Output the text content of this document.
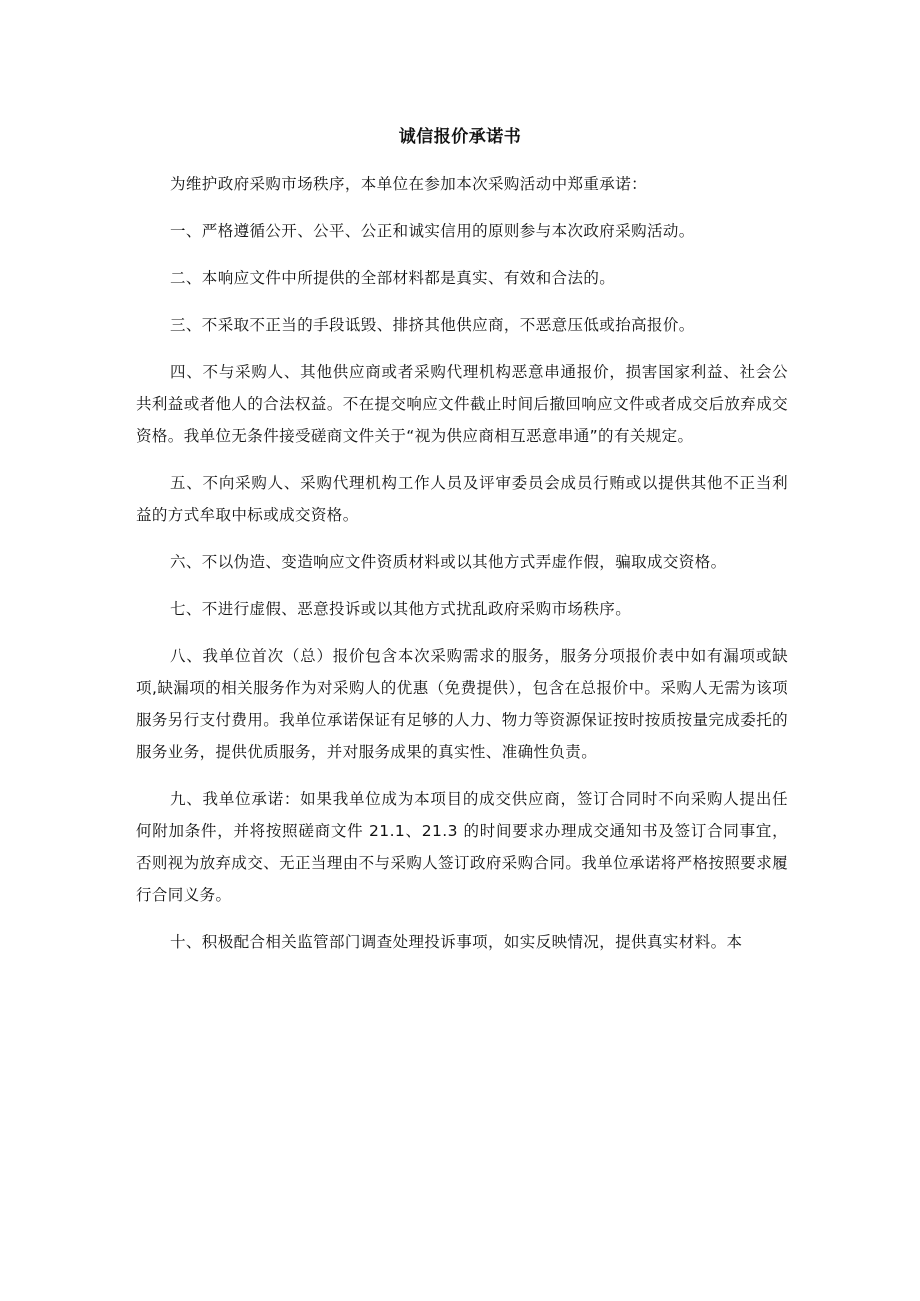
诚信报价承诺书

为维护政府采购市场秩序，本单位在参加本次采购活动中郑重承诺：

一、严格遵循公开、公平、公正和诚实信用的原则参与本次政府采购活动。

二、本响应文件中所提供的全部材料都是真实、有效和合法的。

三、不采取不正当的手段诋毁、排挤其他供应商，不恶意压低或抬高报价。

四、不与采购人、其他供应商或者采购代理机构恶意串通报价，损害国家利益、社会公共利益或者他人的合法权益。不在提交响应文件截止时间后撤回响应文件或者成交后放弃成交资格。我单位无条件接受磋商文件关于“视为供应商相互恶意串通”的有关规定。

五、不向采购人、采购代理机构工作人员及评审委员会成员行贿或以提供其他不正当利益的方式牟取中标或成交资格。

六、不以伪造、变造响应文件资质材料或以其他方式弄虚作假，骗取成交资格。

七、不进行虚假、恶意投诉或以其他方式扰乱政府采购市场秩序。

八、我单位首次（总）报价包含本次采购需求的服务，服务分项报价表中如有漏项或缺项,缺漏项的相关服务作为对采购人的优惠（免费提供），包含在总报价中。采购人无需为该项服务另行支付费用。我单位承诺保证有足够的人力、物力等资源保证按时按质按量完成委托的服务业务，提供优质服务，并对服务成果的真实性、准确性负责。

九、我单位承诺：如果我单位成为本项目的成交供应商，签订合同时不向采购人提出任何附加条件，并将按照磋商文件 21.1、21.3 的时间要求办理成交通知书及签订合同事宜，否则视为放弃成交、无正当理由不与采购人签订政府采购合同。我单位承诺将严格按照要求履行合同义务。

十、积极配合相关监管部门调查处理投诉事项，如实反映情况，提供真实材料。本
